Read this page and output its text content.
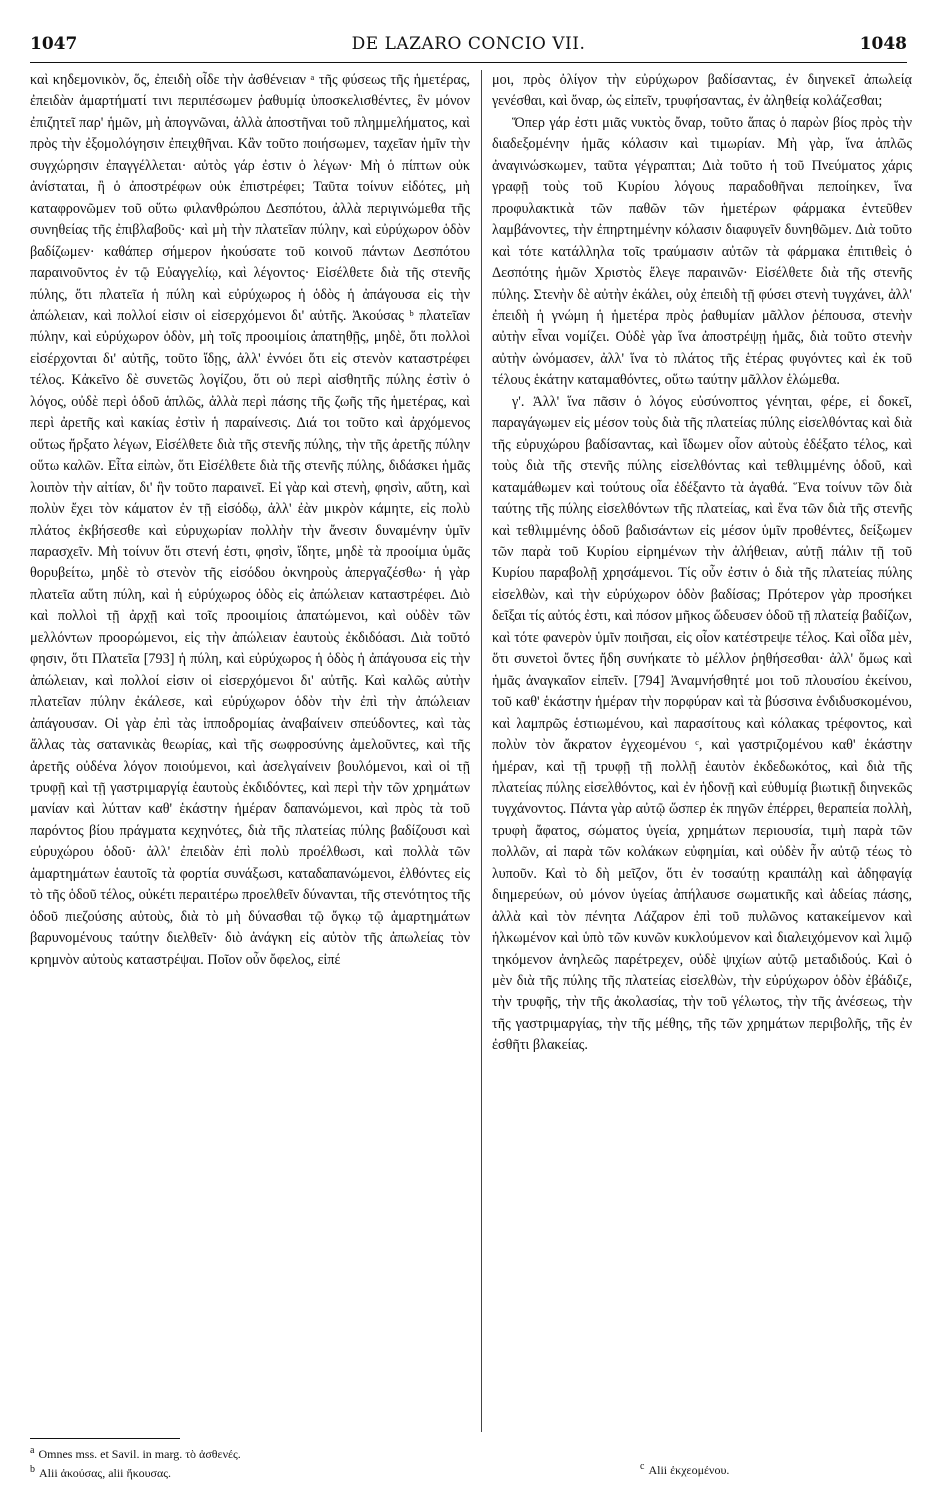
1047	DE LAZARO CONCIO VII.	1048

καὶ κηδεμονικὸν, ὅς, ἐπειδὴ οἶδε τὴν ἀσθένειαν ᵃ τῆς φύσεως τῆς ἡμετέρας, ἐπειδὰν ἁμαρτήματί τινι περιπέσωμεν ῥαθυμίᾳ ὑποσκελισθέντες, ἓν μόνον ἐπιζητεῖ παρ' ἡμῶν, μὴ ἀπογνῶναι, ἀλλὰ ἀποστῆναι τοῦ πλημμελήματος, καὶ πρὸς τὴν ἐξομολόγησιν ἐπειχθῆναι. Κἂν τοῦτο ποιήσωμεν, ταχεῖαν ἡμῖν τὴν συγχώρησιν ἐπαγγέλλεται· αὐτὸς γάρ ἐστιν ὁ λέγων· Μὴ ὁ πίπτων οὐκ ἀνίσταται, ἢ ὁ ἀποστρέφων οὐκ ἐπιστρέφει; Ταῦτα τοίνυν εἰδότες, μὴ καταφρονῶμεν τοῦ οὕτω φιλανθρώπου Δεσπότου, ἀλλὰ περιγινώμεθα τῆς συνηθείας τῆς ἐπιβλαβοῦς· καὶ μὴ τὴν πλατεῖαν πύλην, καὶ εὐρύχωρον ὁδὸν βαδίζωμεν· καθάπερ σήμερον ἠκούσατε τοῦ κοινοῦ πάντων Δεσπότου παραινοῦντος ἐν τῷ Εὐαγγελίῳ, καὶ λέγοντος· Εἰσέλθετε διὰ τῆς στενῆς πύλης, ὅτι πλατεῖα ἡ πύλη καὶ εὐρύχωρος ἡ ὁδὸς ἡ ἀπάγουσα εἰς τὴν ἀπώλειαν, καὶ πολλοί εἰσιν οἱ εἰσερχόμενοι δι' αὐτῆς. Ἀκούσας ᵇ πλατεῖαν πύλην, καὶ εὐρύχωρον ὁδὸν, μὴ τοῖς προοιμίοις ἀπατηθῇς, μηδὲ, ὅτι πολλοὶ εἰσέρχονται δι' αὐτῆς, τοῦτο ἴδῃς, ἀλλ' ἐννόει ὅτι εἰς στενὸν καταστρέφει τέλος. Κἀκεῖνο δὲ συνετῶς λογίζου, ὅτι οὐ περὶ αἰσθητῆς πύλης ἐστὶν ὁ λόγος, οὐδὲ περὶ ὁδοῦ ἁπλῶς, ἀλλὰ περὶ πάσης τῆς ζωῆς τῆς ἡμετέρας, καὶ περὶ ἀρετῆς καὶ κακίας ἐστὶν ἡ παραίνεσις. Διά τοι τοῦτο καὶ ἀρχόμενος οὕτως ἤρξατο λέγων, Εἰσέλθετε διὰ τῆς στενῆς πύλης, τὴν τῆς ἀρετῆς πύλην οὕτω καλῶν. Εἶτα εἰπὼν, ὅτι Εἰσέλθετε διὰ τῆς στενῆς πύλης, διδάσκει ἡμᾶς λοιπὸν τὴν αἰτίαν, δι' ἣν τοῦτο παραινεῖ. Εἰ γὰρ καὶ στενὴ, φησὶν, αὕτη, καὶ πολὺν ἔχει τὸν κάματον ἐν τῇ εἰσόδῳ, ἀλλ' ἐὰν μικρὸν κάμητε, εἰς πολὺ πλάτος ἐκβήσεσθε καὶ εὐρυχωρίαν πολλὴν τὴν ἄνεσιν δυναμένην ὑμῖν παρασχεῖν. Μὴ τοίνυν ὅτι στενή ἐστι, φησὶν, ἴδητε, μηδὲ τὰ προοίμια ὑμᾶς θορυβείτω, μηδὲ τὸ στενὸν τῆς εἰσόδου ὀκνηροὺς ἀπεργαζέσθω· ἡ γὰρ πλατεῖα αὕτη πύλη, καὶ ἡ εὐρύχωρος ὁδὸς εἰς ἀπώλειαν καταστρέφει. Διὸ καὶ πολλοὶ τῇ ἀρχῇ καὶ τοῖς προοιμίοις ἀπατώμενοι, καὶ οὐδὲν τῶν μελλόντων προορώμενοι, εἰς τὴν ἀπώλειαν ἑαυτοὺς ἐκδιδόασι. Διὰ τοῦτό φησιν, ὅτι Πλατεῖα [793] ἡ πύλη, καὶ εὐρύχωρος ἡ ὁδὸς ἡ ἀπάγουσα εἰς τὴν ἀπώλειαν, καὶ πολλοί εἰσιν οἱ εἰσερχόμενοι δι' αὐτῆς. Καὶ καλῶς αὐτὴν πλατεῖαν πύλην ἐκάλεσε, καὶ εὐρύχωρον ὁδὸν τὴν ἐπὶ τὴν ἀπώλειαν ἀπάγουσαν. Οἱ γὰρ ἐπὶ τὰς ἱπποδρομίας ἀναβαίνειν σπεύδοντες, καὶ τὰς ἄλλας τὰς σατανικὰς θεωρίας, καὶ τῆς σωφροσύνης ἀμελοῦντες, καὶ τῆς ἀρετῆς οὐδένα λόγον ποιούμενοι, καὶ ἀσελγαίνειν βουλόμενοι, καὶ οἱ τῇ τρυφῇ καὶ τῇ γαστριμαργίᾳ ἑαυτοὺς ἐκδιδόντες, καὶ περὶ τὴν τῶν χρημάτων μανίαν καὶ λύτταν καθ' ἑκάστην ἡμέραν δαπανώμενοι, καὶ πρὸς τὰ τοῦ παρόντος βίου πράγματα κεχηνότες, διὰ τῆς πλατείας πύλης βαδίζουσι καὶ εὐρυχώρου ὁδοῦ· ἀλλ' ἐπειδὰν ἐπὶ πολὺ προέλθωσι, καὶ πολλὰ τῶν ἁμαρτημάτων ἑαυτοῖς τὰ φορτία συνάξωσι, καταδαπανώμενοι, ἐλθόντες εἰς τὸ τῆς ὁδοῦ τέλος, οὐκέτι περαιτέρω προελθεῖν δύνανται, τῆς στενότητος τῆς ὁδοῦ πιεζούσης αὐτοὺς, διὰ τὸ μὴ δύνασθαι τῷ ὄγκῳ τῷ ἁμαρτημάτων βαρυνομένους ταύτην διελθεῖν· διὸ ἀνάγκη εἰς αὐτὸν τῆς ἀπωλείας τὸν κρημνὸν αὐτοὺς καταστρέψαι. Ποῖον οὖν ὄφελος, εἰπέ

μοι, πρὸς ὀλίγον τὴν εὐρύχωρον βαδίσαντας, ἐν διηνεκεῖ ἀπωλείᾳ γενέσθαι, καὶ ὄναρ, ὡς εἰπεῖν, τρυφήσαντας, ἐν ἀληθείᾳ κολάζεσθαι;

Ὅπερ γάρ ἐστι μιᾶς νυκτὸς ὄναρ, τοῦτο ἅπας ὁ παρὼν βίος πρὸς τὴν διαδεξομένην ἡμᾶς κόλασιν καὶ τιμωρίαν. Μὴ γὰρ, ἵνα ἁπλῶς ἀναγινώσκωμεν, ταῦτα γέγραπται; Διὰ τοῦτο ἡ τοῦ Πνεύματος χάρις γραφῇ τοὺς τοῦ Κυρίου λόγους παραδοθῆναι πεποίηκεν, ἵνα προφυλακτικὰ τῶν παθῶν τῶν ἡμετέρων φάρμακα ἐντεῦθεν λαμβάνοντες, τὴν ἐπηρτημένην κόλασιν διαφυγεῖν δυνηθῶμεν. Διὰ τοῦτο καὶ τότε κατάλληλα τοῖς τραύμασιν αὐτῶν τὰ φάρμακα ἐπιτιθεὶς ὁ Δεσπότης ἡμῶν Χριστὸς ἔλεγε παραινῶν· Εἰσέλθετε διὰ τῆς στενῆς πύλης. Στενὴν δὲ αὐτὴν ἐκάλει, οὐχ ἐπειδὴ τῇ φύσει στενὴ τυγχάνει, ἀλλ' ἐπειδὴ ἡ γνώμη ἡ ἡμετέρα πρὸς ῥαθυμίαν μᾶλλον ῥέπουσα, στενὴν αὐτὴν εἶναι νομίζει. Οὐδὲ γὰρ ἵνα ἀποστρέψῃ ἡμᾶς, διὰ τοῦτο στενὴν αὐτὴν ὠνόμασεν, ἀλλ' ἵνα τὸ πλάτος τῆς ἑτέρας φυγόντες καὶ ἐκ τοῦ τέλους ἑκάτην καταμαθόντες, οὕτω ταύτην μᾶλλον ἑλώμεθα.

γ'. Ἀλλ' ἵνα πᾶσιν ὁ λόγος εὐσύνοπτος γένηται, φέρε, εἰ δοκεῖ, παραγάγωμεν εἰς μέσον τοὺς διὰ τῆς πλατείας πύλης εἰσελθόντας καὶ διὰ τῆς εὐρυχώρου βαδίσαντας, καὶ ἴδωμεν οἷον αὐτοὺς ἐδέξατο τέλος, καὶ τοὺς διὰ τῆς στενῆς πύλης εἰσελθόντας καὶ τεθλιμμένης ὁδοῦ, καὶ καταμάθωμεν καὶ τούτους οἷα ἐδέξαντο τὰ ἀγαθά. Ἕνα τοίνυν τῶν διὰ ταύτης τῆς πύλης εἰσελθόντων τῆς πλατείας, καὶ ἕνα τῶν διὰ τῆς στενῆς καὶ τεθλιμμένης ὁδοῦ βαδισάντων εἰς μέσον ὑμῖν προθέντες, δείξωμεν τῶν παρὰ τοῦ Κυρίου εἰρημένων τὴν ἀλήθειαν, αὐτῇ πάλιν τῇ τοῦ Κυρίου παραβολῇ χρησάμενοι. Τίς οὖν ἐστιν ὁ διὰ τῆς πλατείας πύλης εἰσελθὼν, καὶ τὴν εὐρύχωρον ὁδὸν βαδίσας; Πρότερον γὰρ προσήκει δεῖξαι τίς αὐτός ἐστι, καὶ πόσον μῆκος ὥδευσεν ὁδοῦ τῇ πλατείᾳ βαδίζων, καὶ τότε φανερὸν ὑμῖν ποιῆσαι, εἰς οἷον κατέστρεψε τέλος. Καὶ οἶδα μὲν, ὅτι συνετοὶ ὄντες ἤδη συνήκατε τὸ μέλλον ῥηθήσεσθαι· ἀλλ' ὅμως καὶ ἡμᾶς ἀναγκαῖον εἰπεῖν. [794] Ἀναμνήσθητέ μοι τοῦ πλουσίου ἐκείνου, τοῦ καθ' ἑκάστην ἡμέραν τὴν πορφύραν καὶ τὰ βύσσινα ἐνδιδυσκομένου, καὶ λαμπρῶς ἑστιωμένου, καὶ παρασίτους καὶ κόλακας τρέφοντος, καὶ πολὺν τὸν ἄκρατον ἐγχεομένου ᶜ, καὶ γαστριζομένου καθ' ἑκάστην ἡμέραν, καὶ τῇ τρυφῇ τῇ πολλῇ ἑαυτὸν ἐκδεδωκότος, καὶ διὰ τῆς πλατείας πύλης εἰσελθόντος, καὶ ἐν ἡδονῇ καὶ εὐθυμίᾳ βιωτικῇ διηνεκῶς τυγχάνοντος. Πάντα γὰρ αὐτῷ ὥσπερ ἐκ πηγῶν ἐπέρρει, θεραπεία πολλὴ, τρυφὴ ἄφατος, σώματος ὑγεία, χρημάτων περιουσία, τιμὴ παρὰ τῶν πολλῶν, αἱ παρὰ τῶν κολάκων εὐφημίαι, καὶ οὐδὲν ἦν αὐτῷ τέως τὸ λυποῦν. Καὶ τὸ δὴ μεῖζον, ὅτι ἐν τοσαύτῃ κραιπάλῃ καὶ ἀδηφαγίᾳ διημερεύων, οὐ μόνον ὑγείας ἀπήλαυσε σωματικῆς καὶ ἀδείας πάσης, ἀλλὰ καὶ τὸν πένητα Λάζαρον ἐπὶ τοῦ πυλῶνος κατακείμενον καὶ ἡλκωμένον καὶ ὑπὸ τῶν κυνῶν κυκλούμενον καὶ διαλειχόμενον καὶ λιμῷ τηκόμενον ἀνηλεῶς παρέτρεχεν, οὐδὲ ψιχίων αὐτῷ μεταδιδούς. Καὶ ὁ μὲν διὰ τῆς πύλης τῆς πλατείας εἰσελθὼν, τὴν εὐρύχωρον ὁδὸν ἐβάδιζε, τὴν τρυφῆς, τὴν τῆς ἀκολασίας, τὴν τοῦ γέλωτος, τὴν τῆς ἀνέσεως, τὴν τῆς γαστριμαργίας, τὴν τῆς μέθης, τῆς τῶν χρημάτων περιβολῆς, τῆς ἐν ἐσθῆτι βλακείας.

$^a$ Omnes mss. et Savil. in marg. τὸ ἀσθενές.
$^b$ Alii ἀκούσας, alii ἤκουσας.	$^c$ Alii ἐκχεομένου.
